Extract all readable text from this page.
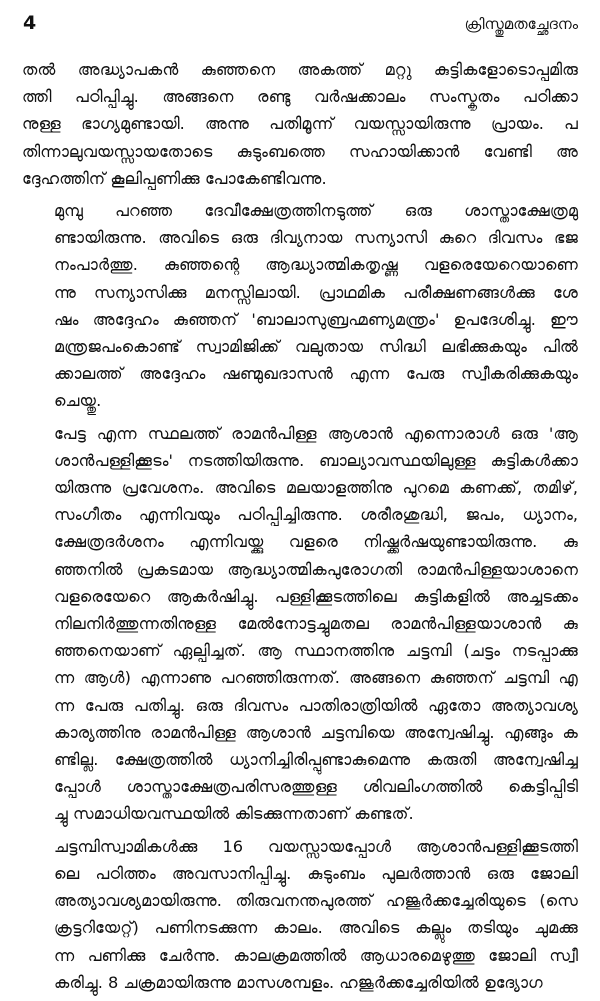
4	ക്രിസ്തുമതച്ഛേദനം

തൽ അദ്ധ്യാപകൻ കുഞ്ഞനെ അകത്ത് മറ്റു കുട്ടികളോടൊപ്പമിരു
ത്തി പഠിപ്പിച്ചു. അങ്ങനെ രണ്ടു വർഷക്കാലം സംസ്കൃതം പഠിക്കാ
നുള്ള ഭാഗ്യമുണ്ടായി. അന്നു പതിമൂന്ന് വയസ്സായിരുന്നു പ്രായം. പ
തിന്നാലുവയസ്സായതോടെ കുടുംബത്തെ സഹായിക്കാൻ വേണ്ടി അ
ദ്ദേഹത്തിന് കൂലിപ്പണിക്കു പോകേണ്ടിവന്നു.

മുമ്പു പറഞ്ഞ ദേവീക്ഷേത്രത്തിനടുത്ത് ഒരു ശാസ്താക്ഷേത്രമു
ണ്ടായിരുന്നു. അവിടെ ഒരു ദിവ്യനായ സന്യാസി കുറെ ദിവസം ഭജ
നംപാർത്തു. കുഞ്ഞന്റെ ആദ്ധ്യാത്മികതൃഷ്ണ വളരെയേറെയാണെ
ന്നു സന്യാസിക്കു മനസ്സിലായി. പ്രാഥമിക പരീക്ഷണങ്ങൾക്കു ശേ
ഷം അദ്ദേഹം കുഞ്ഞന് 'ബാലാസുബ്രഹ്മണ്യമന്ത്രം' ഉപദേശിച്ചു. ഈ
മന്ത്രജപംകൊണ്ട് സ്വാമിജിക്ക് വലുതായ സിദ്ധി ലഭിക്കുകയും പിൽ
ക്കാലത്ത് അദ്ദേഹം ഷണ്മുഖദാസൻ എന്ന പേരു സ്വീകരിക്കുകയും
ചെയ്തു.

പേട്ട എന്ന സ്ഥലത്ത് രാമൻപിള്ള ആശാൻ എന്നൊരാൾ ഒരു 'ആ
ശാൻപള്ളിക്കൂടം' നടത്തിയിരുന്നു. ബാല്യാവസ്ഥയിലുള്ള കുട്ടികൾക്കാ
യിരുന്നു പ്രവേശനം. അവിടെ മലയാളത്തിനു പുറമെ കണക്ക്, തമിഴ്,
സംഗീതം എന്നിവയും പഠിപ്പിച്ചിരുന്നു. ശരീരശുദ്ധി, ജപം, ധ്യാനം,
ക്ഷേത്രദർശനം എന്നിവയ്ക്കു വളരെ നിഷ്ക്കർഷയുണ്ടായിരുന്നു. കു
ഞ്ഞനിൽ പ്രകടമായ ആദ്ധ്യാത്മികപുരോഗതി രാമൻപിള്ളയാശാനെ
വളരെയേറെ ആകർഷിച്ചു. പള്ളിക്കൂടത്തിലെ കുട്ടികളിൽ അച്ചടക്കം
നിലനിർത്തുന്നതിനുള്ള മേൽനോട്ടച്ചുമതല രാമൻപിള്ളയാശാൻ കു
ഞ്ഞനെയാണ് ഏല്പിച്ചത്. ആ സ്ഥാനത്തിനു ചട്ടമ്പി (ചട്ടം നടപ്പാക്കു
ന്ന ആൾ) എന്നാണു പറഞ്ഞിരുന്നത്. അങ്ങനെ കുഞ്ഞന് ചട്ടമ്പി എ
ന്ന പേരു പതിച്ചു. ഒരു ദിവസം പാതിരാത്രിയിൽ ഏതോ അത്യാവശ്യ
കാര്യത്തിനു രാമൻപിള്ള ആശാൻ ചട്ടമ്പിയെ അന്വേഷിച്ചു. എങ്ങും ക
ണ്ടില്ല. ക്ഷേത്രത്തിൽ ധ്യാനിച്ചിരിപ്പുണ്ടാകുമെന്നു കരുതി അന്വേഷിച്ച
പ്പോൾ ശാസ്താക്ഷേത്രപരിസരത്തുള്ള ശിവലിംഗത്തിൽ കെട്ടിപ്പിടി
ച്ചു സമാധിയവസ്ഥയിൽ കിടക്കുന്നതാണ് കണ്ടത്.

ചട്ടമ്പിസ്വാമികൾക്കു 16 വയസ്സായപ്പോൾ ആശാൻപള്ളിക്കൂടത്തി
ലെ പഠിത്തം അവസാനിപ്പിച്ചു. കുടുംബം പുലർത്താൻ ഒരു ജോലി
അത്യാവശ്യമായിരുന്നു. തിരുവനന്തപുരത്ത് ഹജൂർക്കച്ചേരിയുടെ (സെ
ക്രട്ടറിയേറ്റ്) പണിനടക്കുന്ന കാലം. അവിടെ കല്ലും തടിയും ചുമക്കു
ന്ന പണിക്കു ചേർന്നു. കാലക്രമത്തിൽ ആധാരമെഴുത്തു ജോലി സ്വീ
കരിച്ചു. 8 ചക്രമായിരുന്നു മാസശമ്പളം. ഹജൂർക്കച്ചേരിയിൽ ഉദ്യോഗ
